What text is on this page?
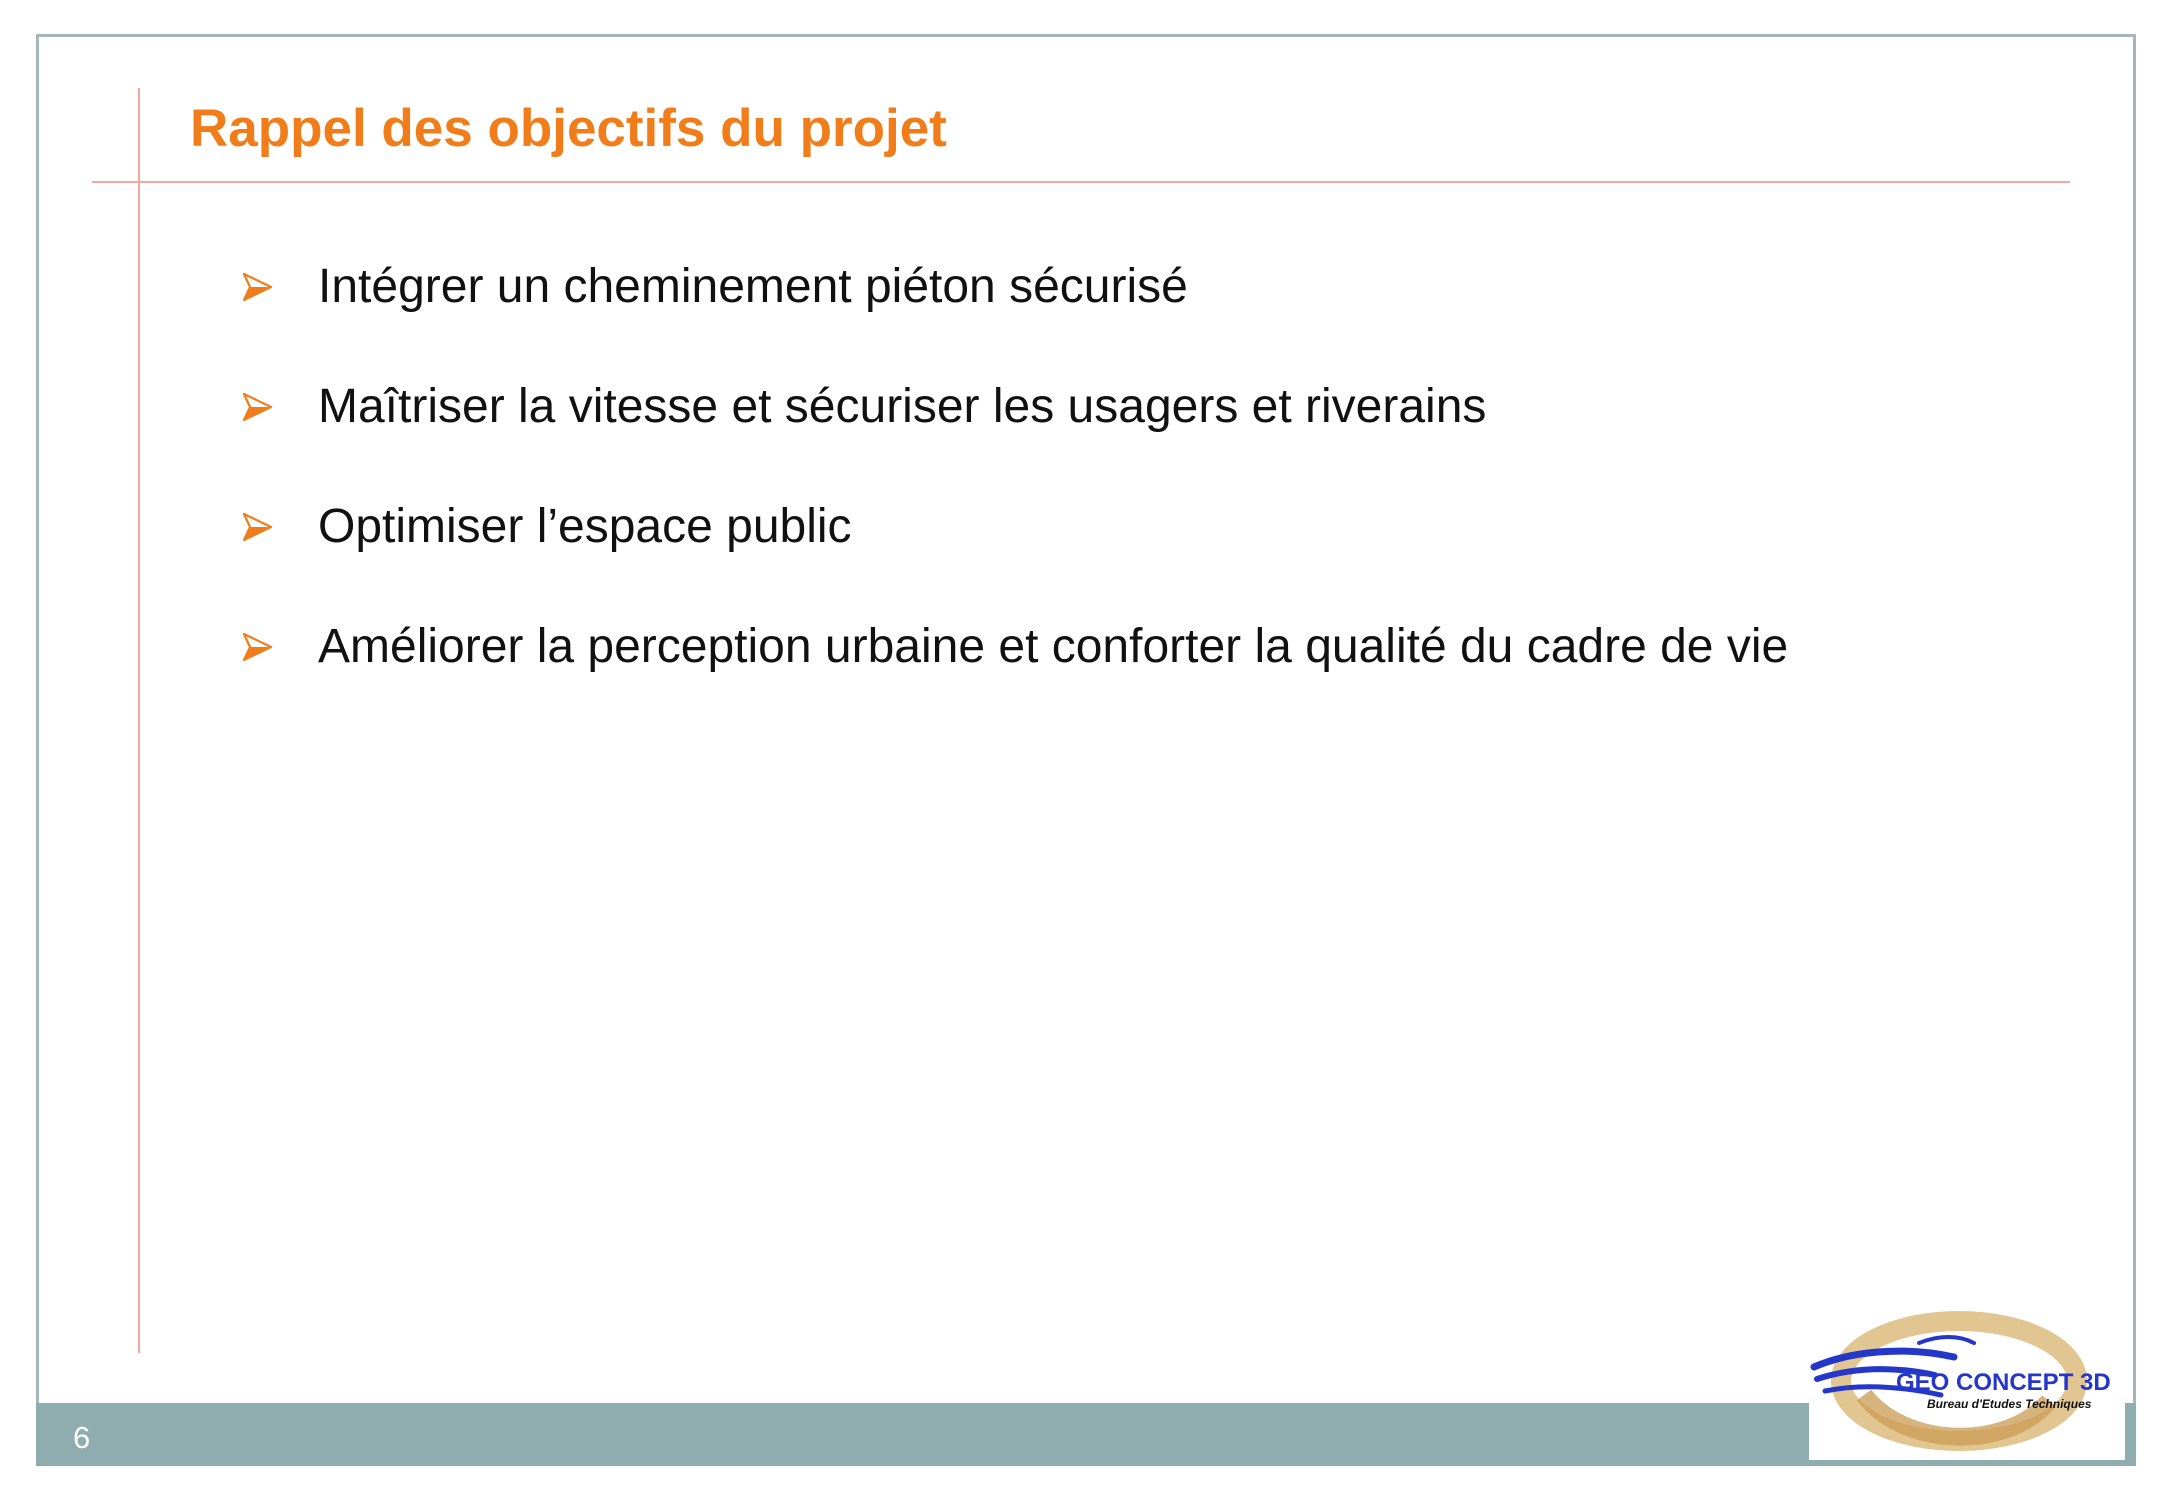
Rappel des objectifs du projet
Intégrer un cheminement piéton sécurisé
Maîtriser la vitesse et sécuriser les usagers et riverains
Optimiser l’espace public
Améliorer la perception urbaine et conforter la qualité du cadre de vie
6
GEO CONCEPT 3D
Bureau d'Etudes Techniques
